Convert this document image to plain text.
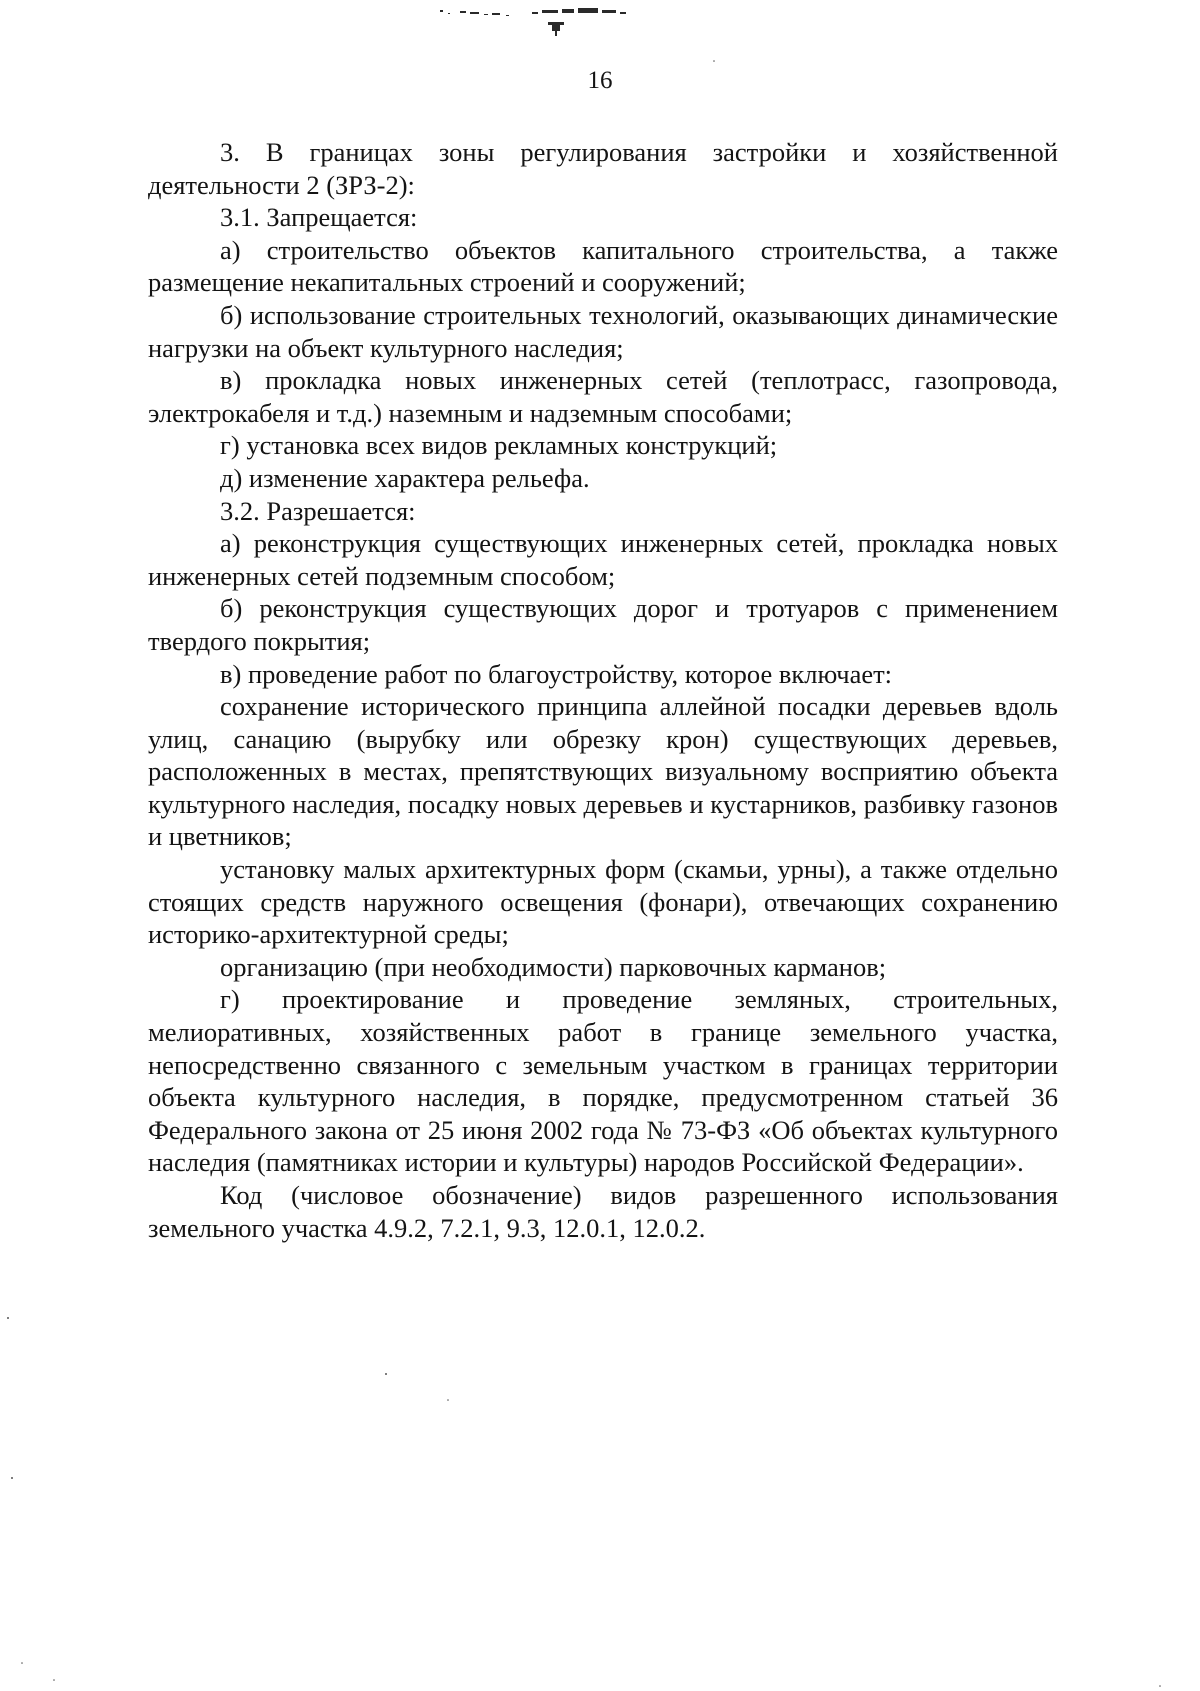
16

3. В границах зоны регулирования застройки и хозяйственной деятельности 2 (ЗРЗ-2):

3.1. Запрещается:

а) строительство объектов капитального строительства, а также размещение некапитальных строений и сооружений;

б) использование строительных технологий, оказывающих динамические нагрузки на объект культурного наследия;

в) прокладка новых инженерных сетей (теплотрасс, газопровода, электрокабеля и т.д.) наземным и надземным способами;

г) установка всех видов рекламных конструкций;

д) изменение характера рельефа.

3.2. Разрешается:

а) реконструкция существующих инженерных сетей, прокладка новых инженерных сетей подземным способом;

б) реконструкция существующих дорог и тротуаров с применением твердого покрытия;

в) проведение работ по благоустройству, которое включает:

сохранение исторического принципа аллейной посадки деревьев вдоль улиц, санацию (вырубку или обрезку крон) существующих деревьев, расположенных в местах, препятствующих визуальному восприятию объекта культурного наследия, посадку новых деревьев и кустарников, разбивку газонов и цветников;

установку малых архитектурных форм (скамьи, урны), а также отдельно стоящих средств наружного освещения (фонари), отвечающих сохранению историко-архитектурной среды;

организацию (при необходимости) парковочных карманов;

г) проектирование и проведение земляных, строительных, мелиоративных, хозяйственных работ в границе земельного участка, непосредственно связанного с земельным участком в границах территории объекта культурного наследия, в порядке, предусмотренном статьей 36 Федерального закона от 25 июня 2002 года № 73-ФЗ «Об объектах культурного наследия (памятниках истории и культуры) народов Российской Федерации».

Код (числовое обозначение) видов разрешенного использования земельного участка 4.9.2, 7.2.1, 9.3, 12.0.1, 12.0.2.
